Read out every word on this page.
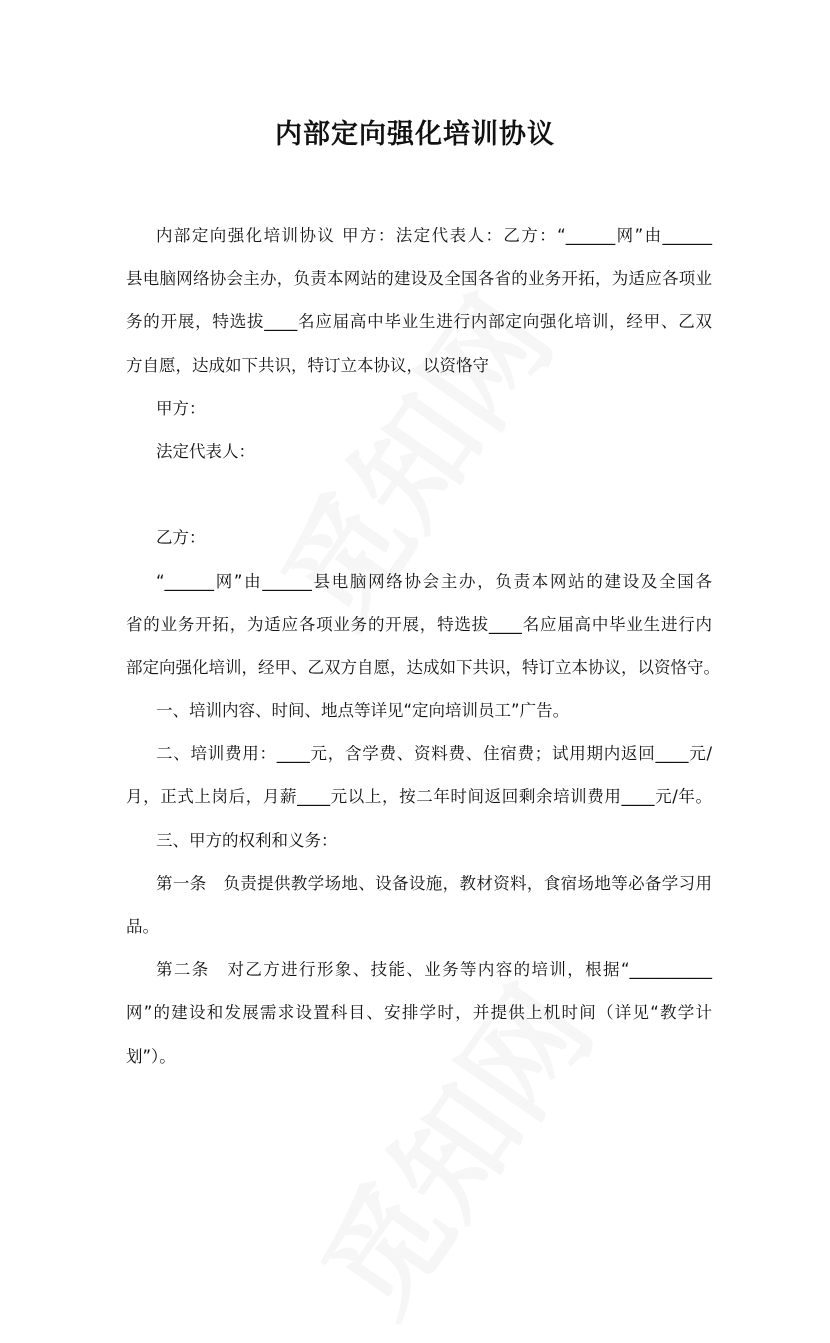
内部定向强化培训协议
内部定向强化培训协议 甲方：法定代表人：乙方：“______网”由______
县电脑网络协会主办，负责本网站的建设及全国各省的业务开拓，为适应各项业
务的开展，特选拔____名应届高中毕业生进行内部定向强化培训，经甲、乙双
方自愿，达成如下共识，特订立本协议，以资恪守
甲方：
法定代表人：
乙方：
“______网”由______县电脑网络协会主办，负责本网站的建设及全国各
省的业务开拓，为适应各项业务的开展，特选拔____名应届高中毕业生进行内
部定向强化培训，经甲、乙双方自愿，达成如下共识，特订立本协议，以资恪守。
一、培训内容、时间、地点等详见“定向培训员工”广告。
二、培训费用：____元，含学费、资料费、住宿费；试用期内返回____元/
月，正式上岗后，月薪____元以上，按二年时间返回剩余培训费用____元/年。
三、甲方的权利和义务：
第一条　负责提供教学场地、设备设施，教材资料，食宿场地等必备学习用
品。
第二条　对乙方进行形象、技能、业务等内容的培训，根据“__________
网”的建设和发展需求设置科目、安排学时，并提供上机时间（详见“教学计
划”）。
